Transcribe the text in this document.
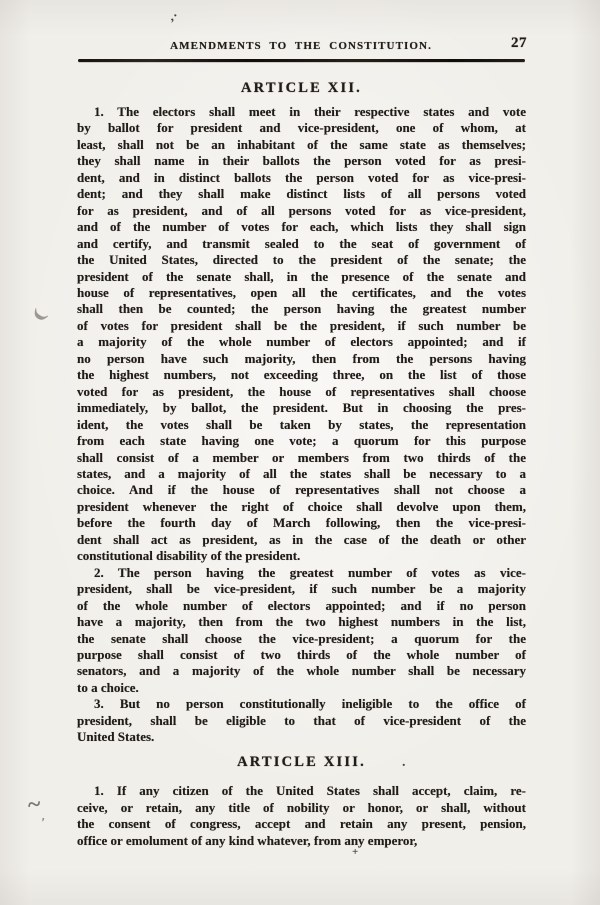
AMENDMENTS TO THE CONSTITUTION.	27
ARTICLE XII.
1. The electors shall meet in their respective states and vote
by ballot for president and vice-president, one of whom, at
least, shall not be an inhabitant of the same state as themselves;
they shall name in their ballots the person voted for as presi-
dent, and in distinct ballots the person voted for as vice-presi-
dent; and they shall make distinct lists of all persons voted
for as president, and of all persons voted for as vice-president,
and of the number of votes for each, which lists they shall sign
and certify, and transmit sealed to the seat of government of
the United States, directed to the president of the senate; the
president of the senate shall, in the presence of the senate and
house of representatives, open all the certificates, and the votes
shall then be counted; the person having the greatest number
of votes for president shall be the president, if such number be
a majority of the whole number of electors appointed; and if
no person have such majority, then from the persons having
the highest numbers, not exceeding three, on the list of those
voted for as president, the house of representatives shall choose
immediately, by ballot, the president. But in choosing the pres-
ident, the votes shall be taken by states, the representation
from each state having one vote; a quorum for this purpose
shall consist of a member or members from two thirds of the
states, and a majority of all the states shall be necessary to a
choice. And if the house of representatives shall not choose a
president whenever the right of choice shall devolve upon them,
before the fourth day of March following, then the vice-presi-
dent shall act as president, as in the case of the death or other
constitutional disability of the president.
2. The person having the greatest number of votes as vice-
president, shall be vice-president, if such number be a majority
of the whole number of electors appointed; and if no person
have a majority, then from the two highest numbers in the list,
the senate shall choose the vice-president; a quorum for the
purpose shall consist of two thirds of the whole number of
senators, and a majority of the whole number shall be necessary
to a choice.
3. But no person constitutionally ineligible to the office of
president, shall be eligible to that of vice-president of the
United States.
ARTICLE XIII.
1. If any citizen of the United States shall accept, claim, re-
ceive, or retain, any title of nobility or honor, or shall, without
the consent of congress, accept and retain any present, pension,
office or emolument of any kind whatever, from any emperor,
,·
(
~
'
+
.
